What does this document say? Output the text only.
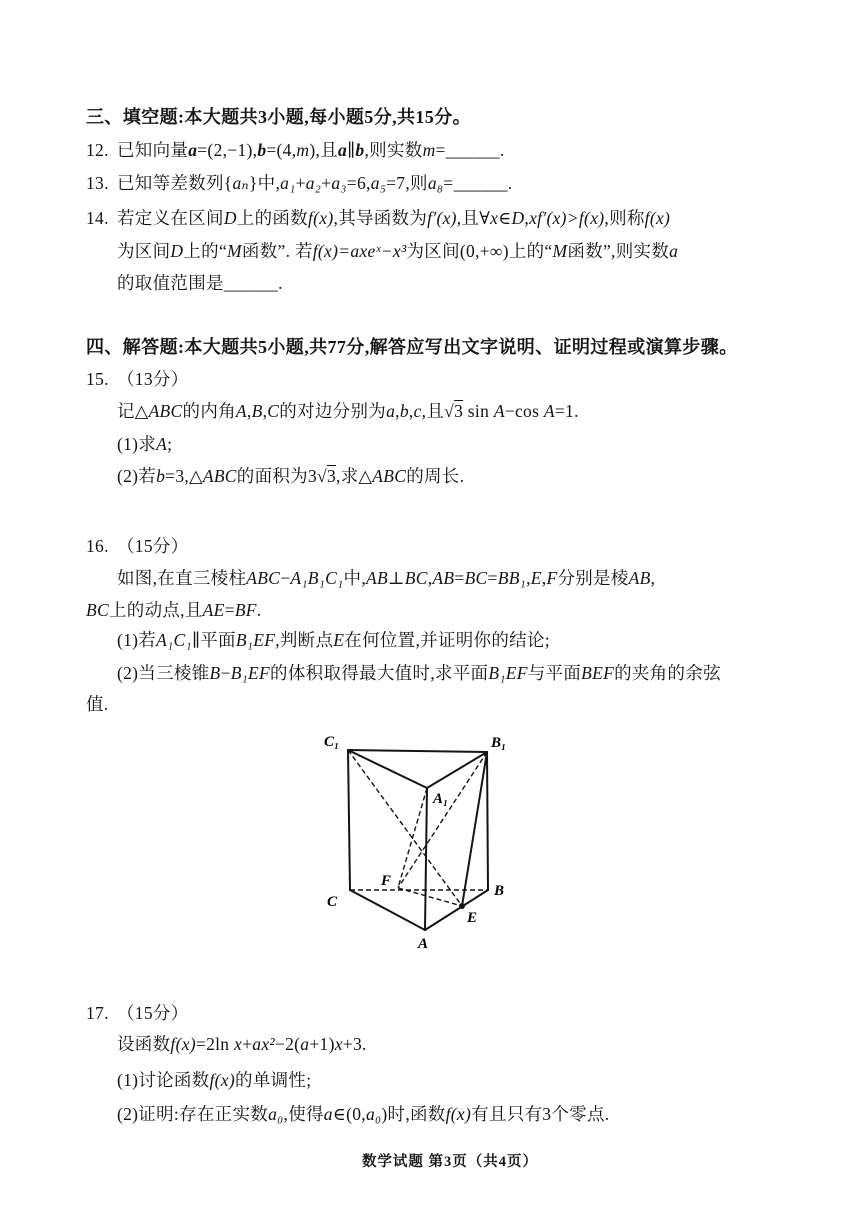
三、填空题:本大题共3小题,每小题5分,共15分。
12. 已知向量a=(2,−1),b=(4,m),且a∥b,则实数m=______.
13. 已知等差数列{aₙ}中,a₁+a₂+a₃=6,a₅=7,则a₈=______.
14. 若定义在区间D上的函数f(x),其导函数为f′(x),且∀x∈D,xf′(x)>f(x),则称f(x)
为区间D上的“M函数”. 若f(x)=axeˣ−x³为区间(0,+∞)上的“M函数”,则实数a
的取值范围是______.
四、解答题:本大题共5小题,共77分,解答应写出文字说明、证明过程或演算步骤。
15. （13分）
记△ABC的内角A,B,C的对边分别为a,b,c,且√3 sin A−cos A=1.
(1)求A;
(2)若b=3,△ABC的面积为3√3,求△ABC的周长.
16. （15分）
如图,在直三棱柱ABC−A₁B₁C₁中,AB⊥BC,AB=BC=BB₁,E,F分别是棱AB,
BC上的动点,且AE=BF.
(1)若A₁C₁∥平面B₁EF,判断点E在何位置,并证明你的结论;
(2)当三棱锥B−B₁EF的体积取得最大值时,求平面B₁EF与平面BEF的夹角的余弦
值.
C₁	B₁
A₁
C
B
A
F
E
17. （15分）
设函数f(x)=2ln x+ax²−2(a+1)x+3.
(1)讨论函数f(x)的单调性;
(2)证明:存在正实数a₀,使得a∈(0,a₀)时,函数f(x)有且只有3个零点.
数学试题 第3页（共4页）
